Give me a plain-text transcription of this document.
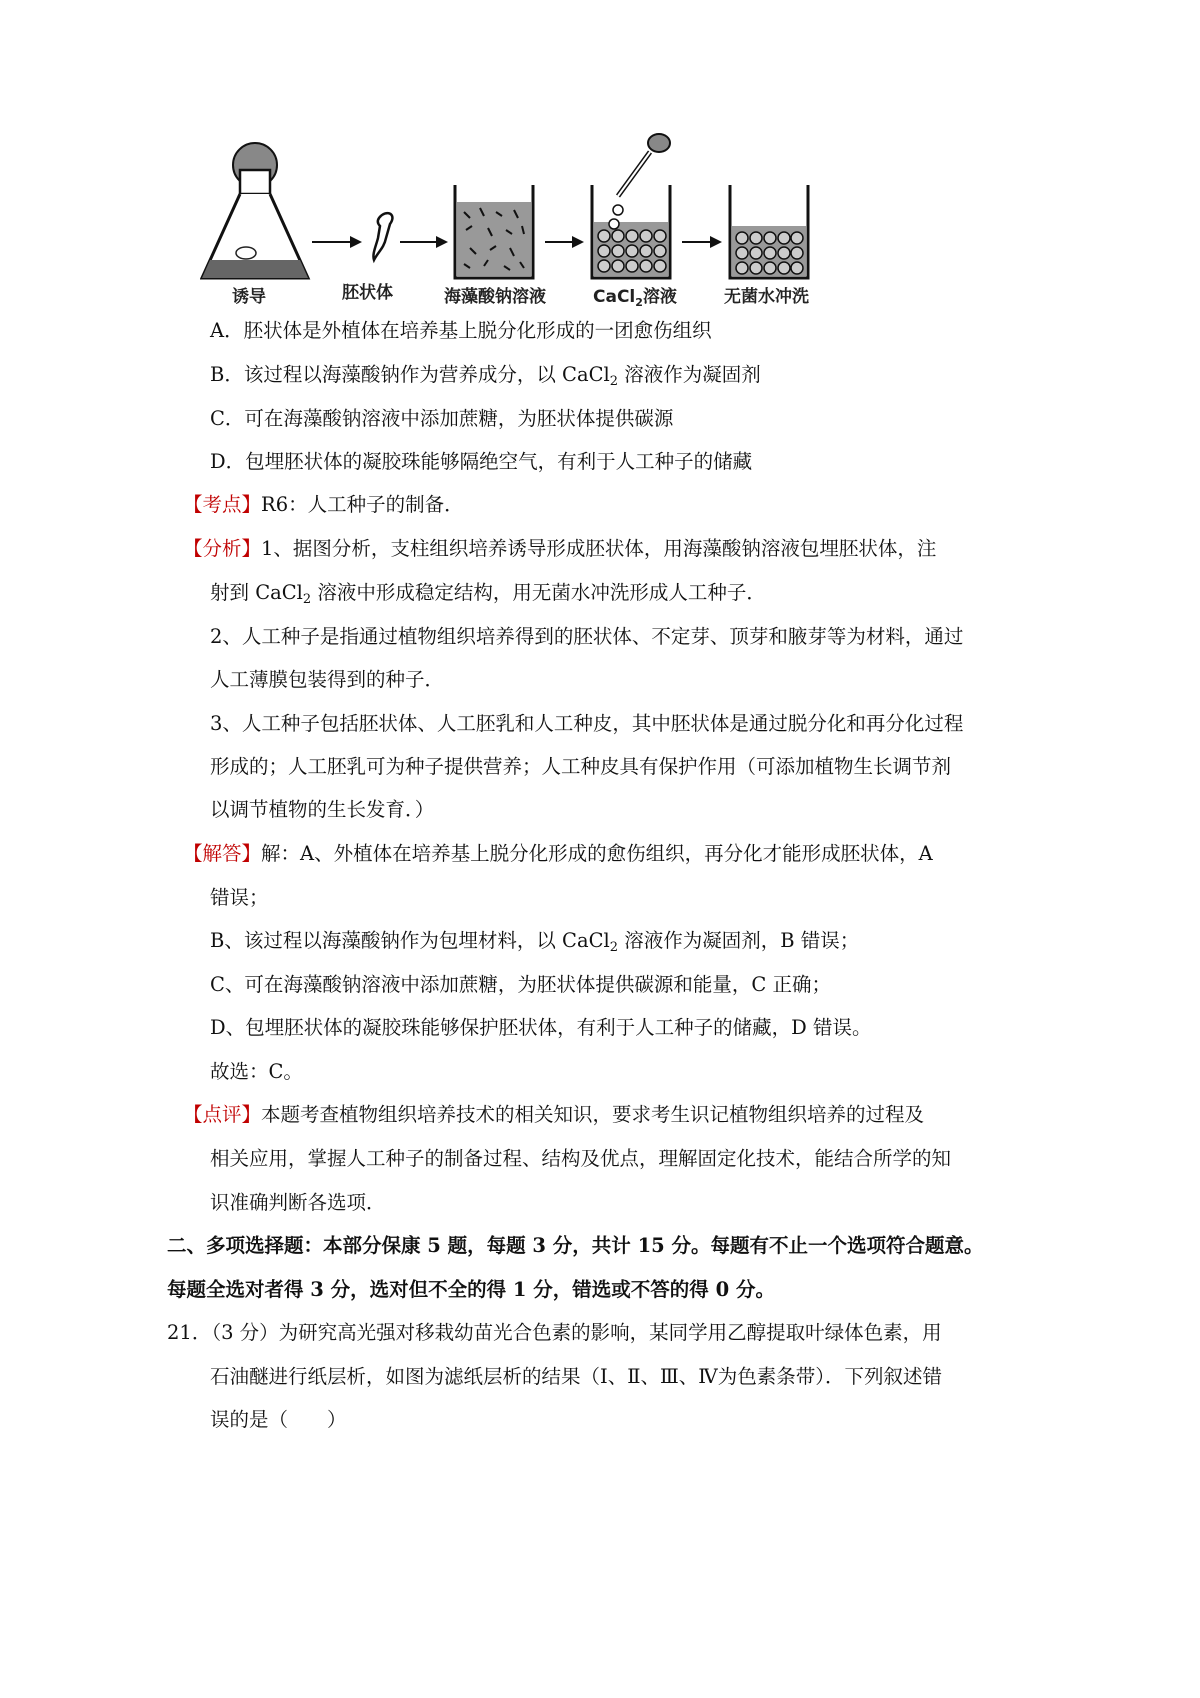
诱导	胚状体	海藻酸钠溶液	CaCl$_2$溶液	无菌水冲洗
A．胚状体是外植体在培养基上脱分化形成的一团愈伤组织
B．该过程以海藻酸钠作为营养成分，以 CaCl$_2$ 溶液作为凝固剂
C．可在海藻酸钠溶液中添加蔗糖，为胚状体提供碳源
D．包埋胚状体的凝胶珠能够隔绝空气，有利于人工种子的储藏
【考点】R6：人工种子的制备．
【分析】1、据图分析，支柱组织培养诱导形成胚状体，用海藻酸钠溶液包埋胚状体，注
射到 CaCl$_2$ 溶液中形成稳定结构，用无菌水冲洗形成人工种子．
2、人工种子是指通过植物组织培养得到的胚状体、不定芽、顶芽和腋芽等为材料，通过
人工薄膜包装得到的种子．
3、人工种子包括胚状体、人工胚乳和人工种皮，其中胚状体是通过脱分化和再分化过程
形成的；人工胚乳可为种子提供营养；人工种皮具有保护作用（可添加植物生长调节剂
以调节植物的生长发育．）
【解答】解：A、外植体在培养基上脱分化形成的愈伤组织，再分化才能形成胚状体，A
错误；
B、该过程以海藻酸钠作为包埋材料，以 CaCl$_2$ 溶液作为凝固剂，B 错误；
C、可在海藻酸钠溶液中添加蔗糖，为胚状体提供碳源和能量，C 正确；
D、包埋胚状体的凝胶珠能够保护胚状体，有利于人工种子的储藏，D 错误。
故选：C。
【点评】本题考查植物组织培养技术的相关知识，要求考生识记植物组织培养的过程及
相关应用，掌握人工种子的制备过程、结构及优点，理解固定化技术，能结合所学的知
识准确判断各选项．
二、多项选择题：本部分保康 5 题，每题 3 分，共计 15 分。每题有不止一个选项符合题意。
每题全选对者得 3 分，选对但不全的得 1 分，错选或不答的得 0 分。
21．（3 分）为研究高光强对移栽幼苗光合色素的影响，某同学用乙醇提取叶绿体色素，用
石油醚进行纸层析，如图为滤纸层析的结果（Ⅰ、Ⅱ、Ⅲ、Ⅳ为色素条带）．下列叙述错
误的是（　　）
